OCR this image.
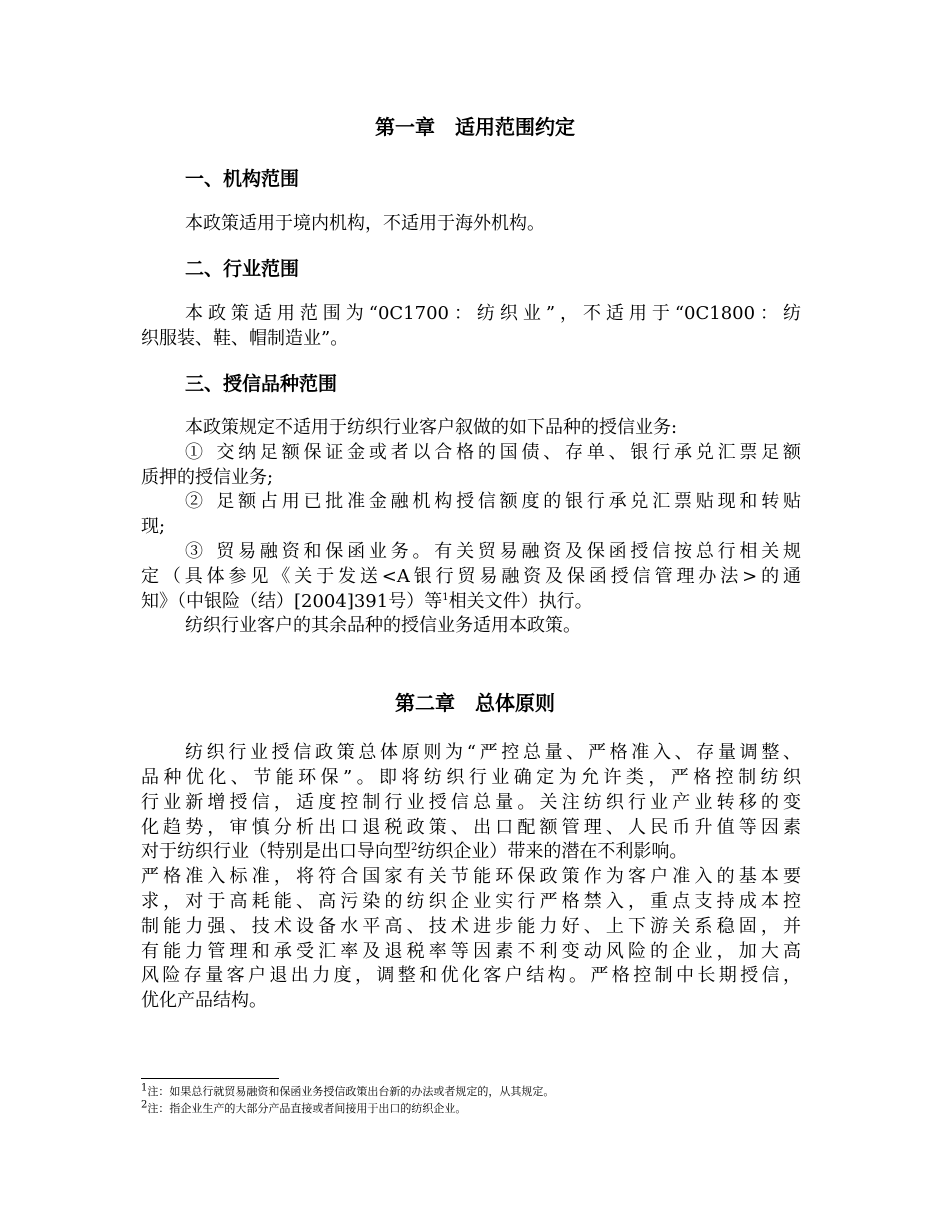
第一章　适用范围约定
一、机构范围
本政策适用于境内机构，不适用于海外机构。
二、行业范围
本政策适用范围为“0C1700：纺织业”，不适用于“0C1800：纺
织服装、鞋、帽制造业”。
三、授信品种范围
本政策规定不适用于纺织行业客户叙做的如下品种的授信业务:
① 交纳足额保证金或者以合格的国债、存单、银行承兑汇票足额
质押的授信业务;
② 足额占用已批准金融机构授信额度的银行承兑汇票贴现和转贴
现;
③ 贸易融资和保函业务。有关贸易融资及保函授信按总行相关规
定（具体参见《关于发送<A银行贸易融资及保函授信管理办法>的通
知》（中银险（结）[2004]391号）等$^1$相关文件）执行。
纺织行业客户的其余品种的授信业务适用本政策。
第二章　总体原则
纺织行业授信政策总体原则为“严控总量、严格准入、存量调整、
品种优化、节能环保”。即将纺织行业确定为允许类，严格控制纺织
行业新增授信，适度控制行业授信总量。关注纺织行业产业转移的变
化趋势，审慎分析出口退税政策、出口配额管理、人民币升值等因素
对于纺织行业（特别是出口导向型$^2$纺织企业）带来的潜在不利影响。
严格准入标准，将符合国家有关节能环保政策作为客户准入的基本要
求，对于高耗能、高污染的纺织企业实行严格禁入，重点支持成本控
制能力强、技术设备水平高、技术进步能力好、上下游关系稳固，并
有能力管理和承受汇率及退税率等因素不利变动风险的企业，加大高
风险存量客户退出力度，调整和优化客户结构。严格控制中长期授信，
优化产品结构。
$^1$注：如果总行就贸易融资和保函业务授信政策出台新的办法或者规定的，从其规定。
$^2$注：指企业生产的大部分产品直接或者间接用于出口的纺织企业。
